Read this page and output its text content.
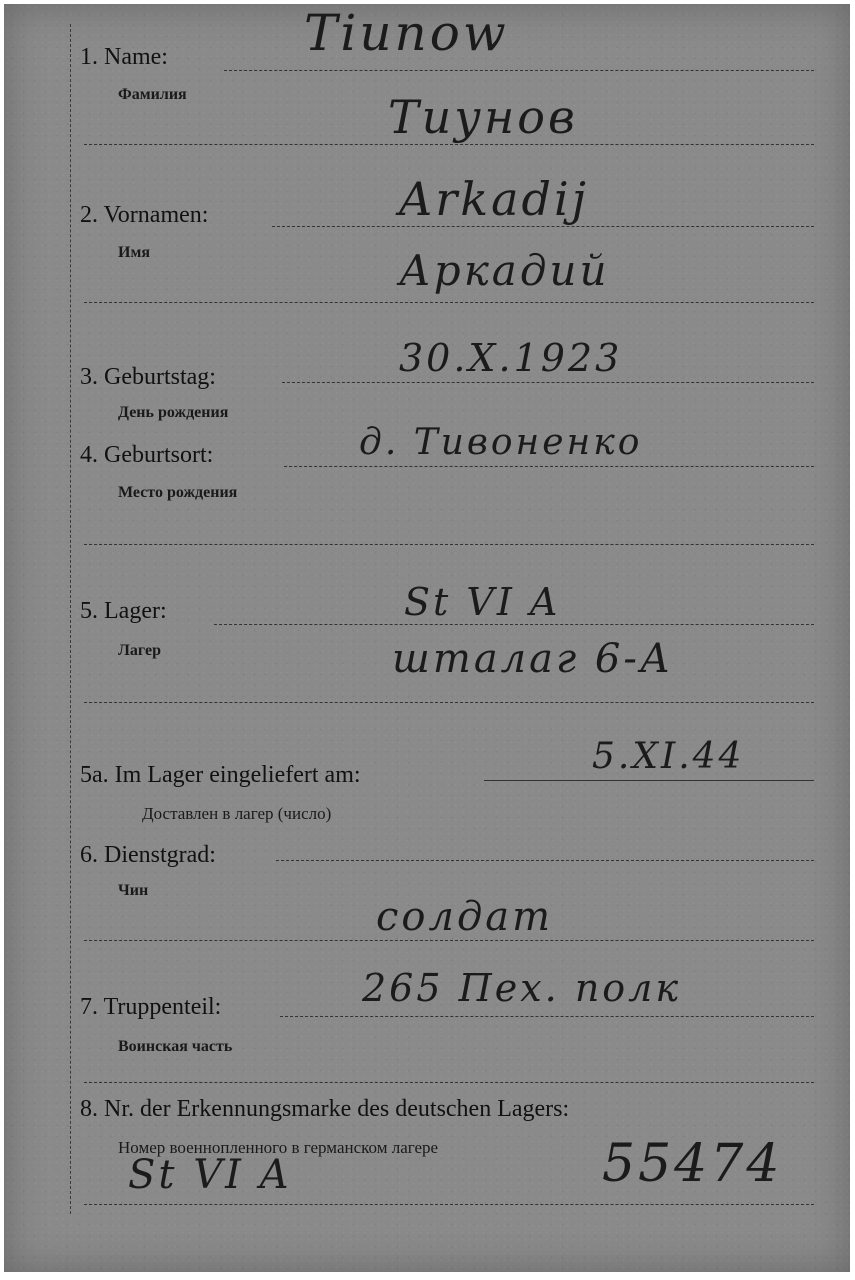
1. Name:
Фамилия
Tiunow
Тиунов
2. Vornamen:
Имя
Arkadij
Аркадий
3. Geburtstag:
День рождения
30.X.1923
4. Geburtsort:
Место рождения
д. Тивоненко
5. Lager:
Лагер
St VI A
шталаг 6-А
5a. Im Lager eingeliefert am:
Доставлен в лагер (число)
5.XI.44
6. Dienstgrad:
Чин
солдат
7. Truppenteil:
Воинская часть
265 Пех. полк
8. Nr. der Erkennungsmarke des deutschen Lagers:
Номер военнопленного в германском лагере
St VI A	55474
